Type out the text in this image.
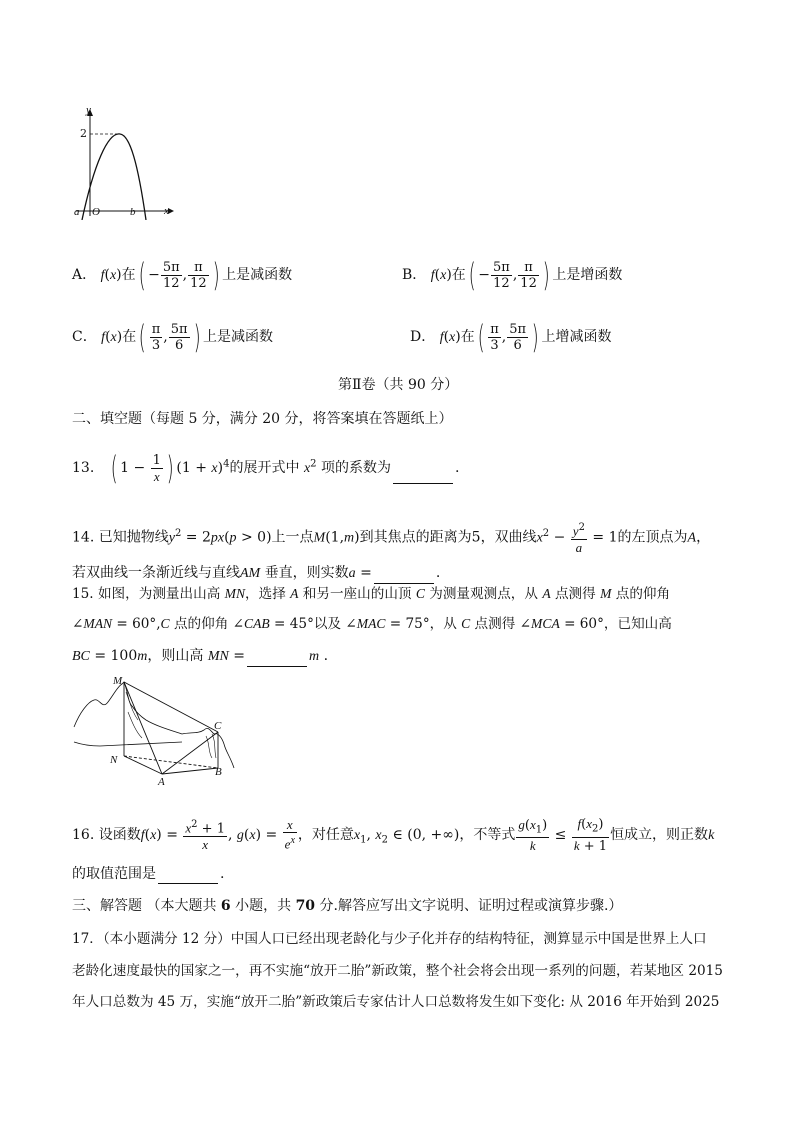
y
x
2
a O	b
A． f(x)在( − $\frac{5\pi}{12}$ , $\frac{\pi}{12}$ ) 上是减函数	B． f(x)在( − $\frac{5\pi}{12}$ , $\frac{\pi}{12}$ ) 上是增函数
C． f(x)在( $\frac{\pi}{3}$ , $\frac{5\pi}{6}$ ) 上是减函数	D． f(x)在( $\frac{\pi}{3}$ , $\frac{5\pi}{6}$ ) 上增减函数
第Ⅱ卷（共 90 分）
二、填空题（每题 5 分，满分 20 分，将答案填在答题纸上）
13. ( $1 - \frac{1}{x}$ ) $(1 + x)^4$的展开式中 $x^2$ 项的系数为	.
14. 已知抛物线$y^2 = 2px(p > 0)$上一点M(1,m)到其焦点的距离为5，双曲线$x^2 - \frac{y^2}{a} = 1$的左顶点为A，
若双曲线一条渐近线与直线AM 垂直，则实数a =	.
15. 如图，为测量出山高 MN，选择 A 和另一座山的山顶 C 为测量观测点，从 A 点测得 M 点的仰角
∠MAN = 60°,C 点的仰角 ∠CAB = 45°以及 ∠MAC = 75°，从 C 点测得 ∠MCA = 60°，已知山高
BC = 100m，则山高 MN =	m .
M
N
A
B
C
16. 设函数$f(x) = \frac{x^2 + 1}{x}$ , $g(x) = \frac{x}{e^x}$ ，对任意$x_1$, $x_2$ ∈ (0, +∞)，不等式 $\frac{g(x_1)}{k} \le \frac{f(x_2)}{k + 1}$ 恒成立，则正数k
的取值范围是	.
三、解答题 （本大题共 6 小题，共 70 分.解答应写出文字说明、证明过程或演算步骤.）
17．（本小题满分 12 分）中国人口已经出现老龄化与少子化并存的结构特征，测算显示中国是世界上人口
老龄化速度最快的国家之一，再不实施“放开二胎”新政策，整个社会将会出现一系列的问题，若某地区 2015
年人口总数为 45 万，实施“放开二胎”新政策后专家估计人口总数将发生如下变化: 从 2016 年开始到 2025
